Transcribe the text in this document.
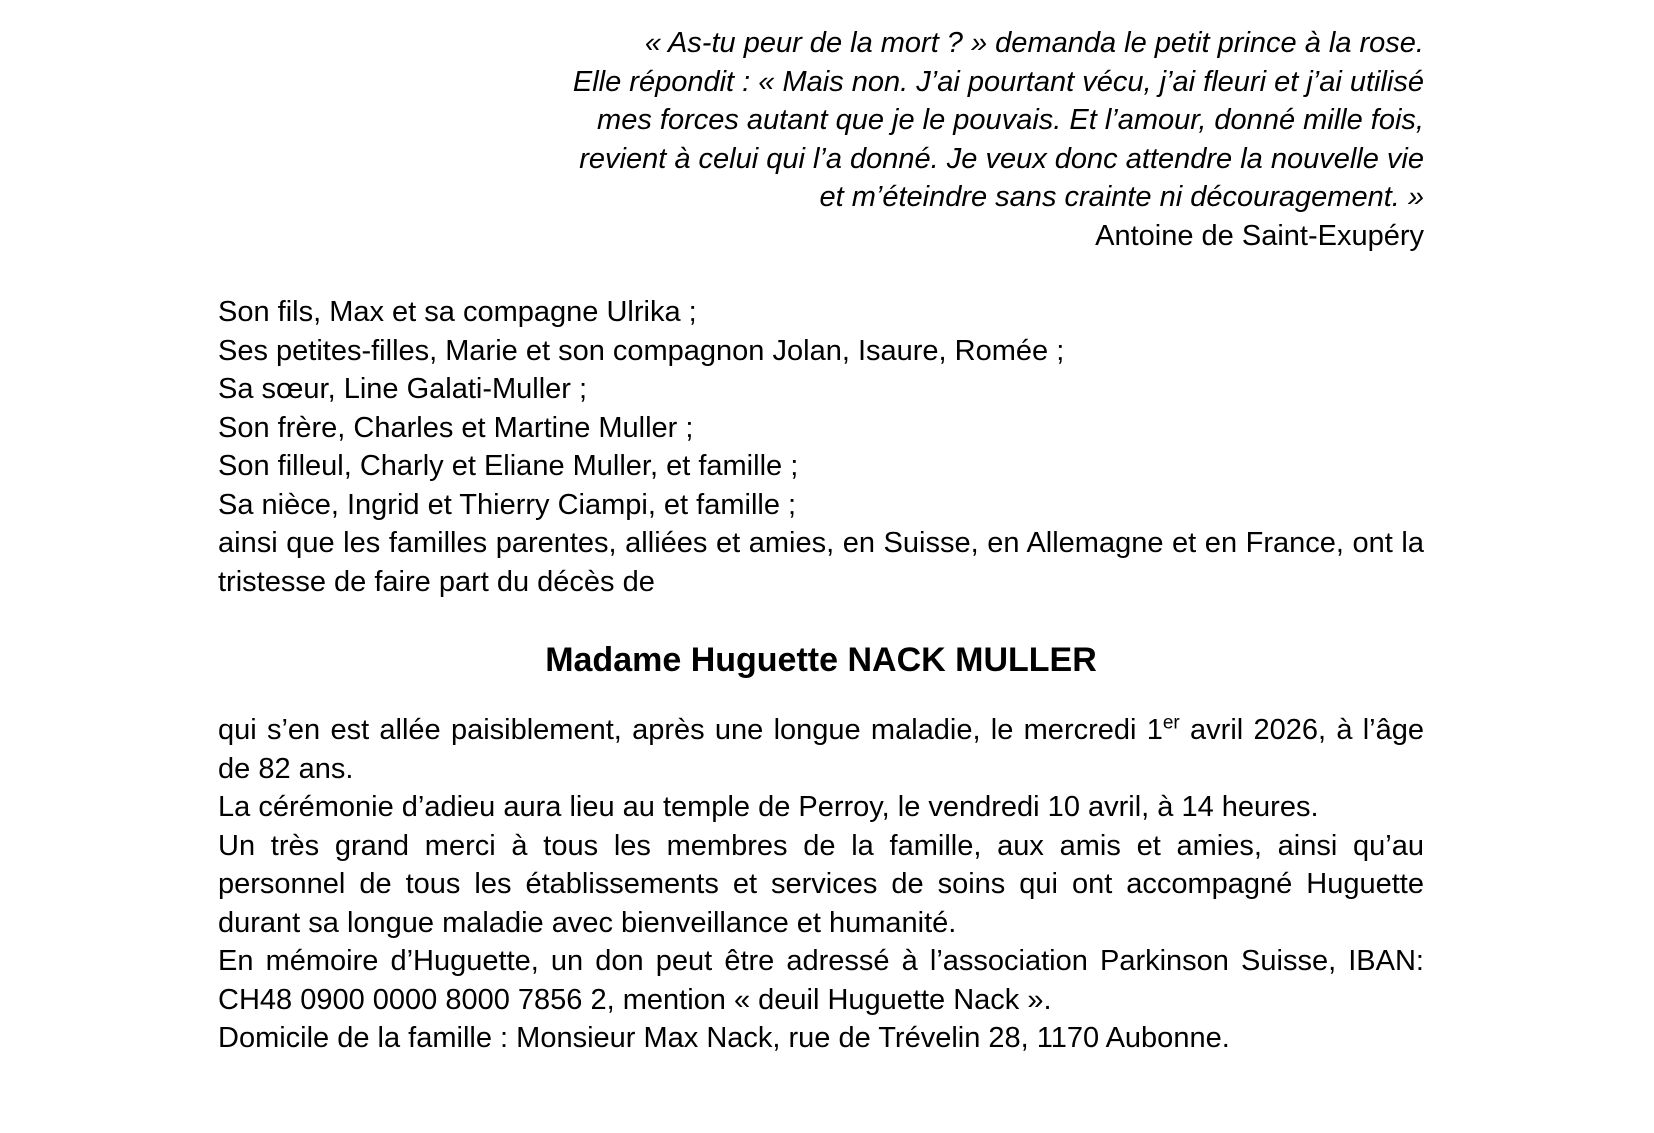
« As-tu peur de la mort ? » demanda le petit prince à la rose.
Elle répondit : « Mais non. J’ai pourtant vécu, j’ai fleuri et j’ai utilisé
mes forces autant que je le pouvais. Et l’amour, donné mille fois,
revient à celui qui l’a donné. Je veux donc attendre la nouvelle vie
et m’éteindre sans crainte ni découragement. »
Antoine de Saint-Exupéry
Son fils, Max et sa compagne Ulrika ;
Ses petites-filles, Marie et son compagnon Jolan, Isaure, Romée ;
Sa sœur, Line Galati-Muller ;
Son frère, Charles et Martine Muller ;
Son filleul, Charly et Eliane Muller, et famille ;
Sa nièce, Ingrid et Thierry Ciampi, et famille ;
ainsi que les familles parentes, alliées et amies, en Suisse, en Allemagne et en France, ont la tristesse de faire part du décès de
Madame Huguette NACK MULLER

qui s’en est allée paisiblement, après une longue maladie, le mercredi 1er avril 2026, à l’âge de 82 ans.

La cérémonie d’adieu aura lieu au temple de Perroy, le vendredi 10 avril, à 14 heures.

Un très grand merci à tous les membres de la famille, aux amis et amies, ainsi qu’au personnel de tous les établissements et services de soins qui ont accompagné Huguette durant sa longue maladie avec bienveillance et humanité.

En mémoire d’Huguette, un don peut être adressé à l’association Parkinson Suisse, IBAN: CH48 0900 0000 8000 7856 2, mention « deuil Huguette Nack ».

Domicile de la famille : Monsieur Max Nack, rue de Trévelin 28, 1170 Aubonne.
